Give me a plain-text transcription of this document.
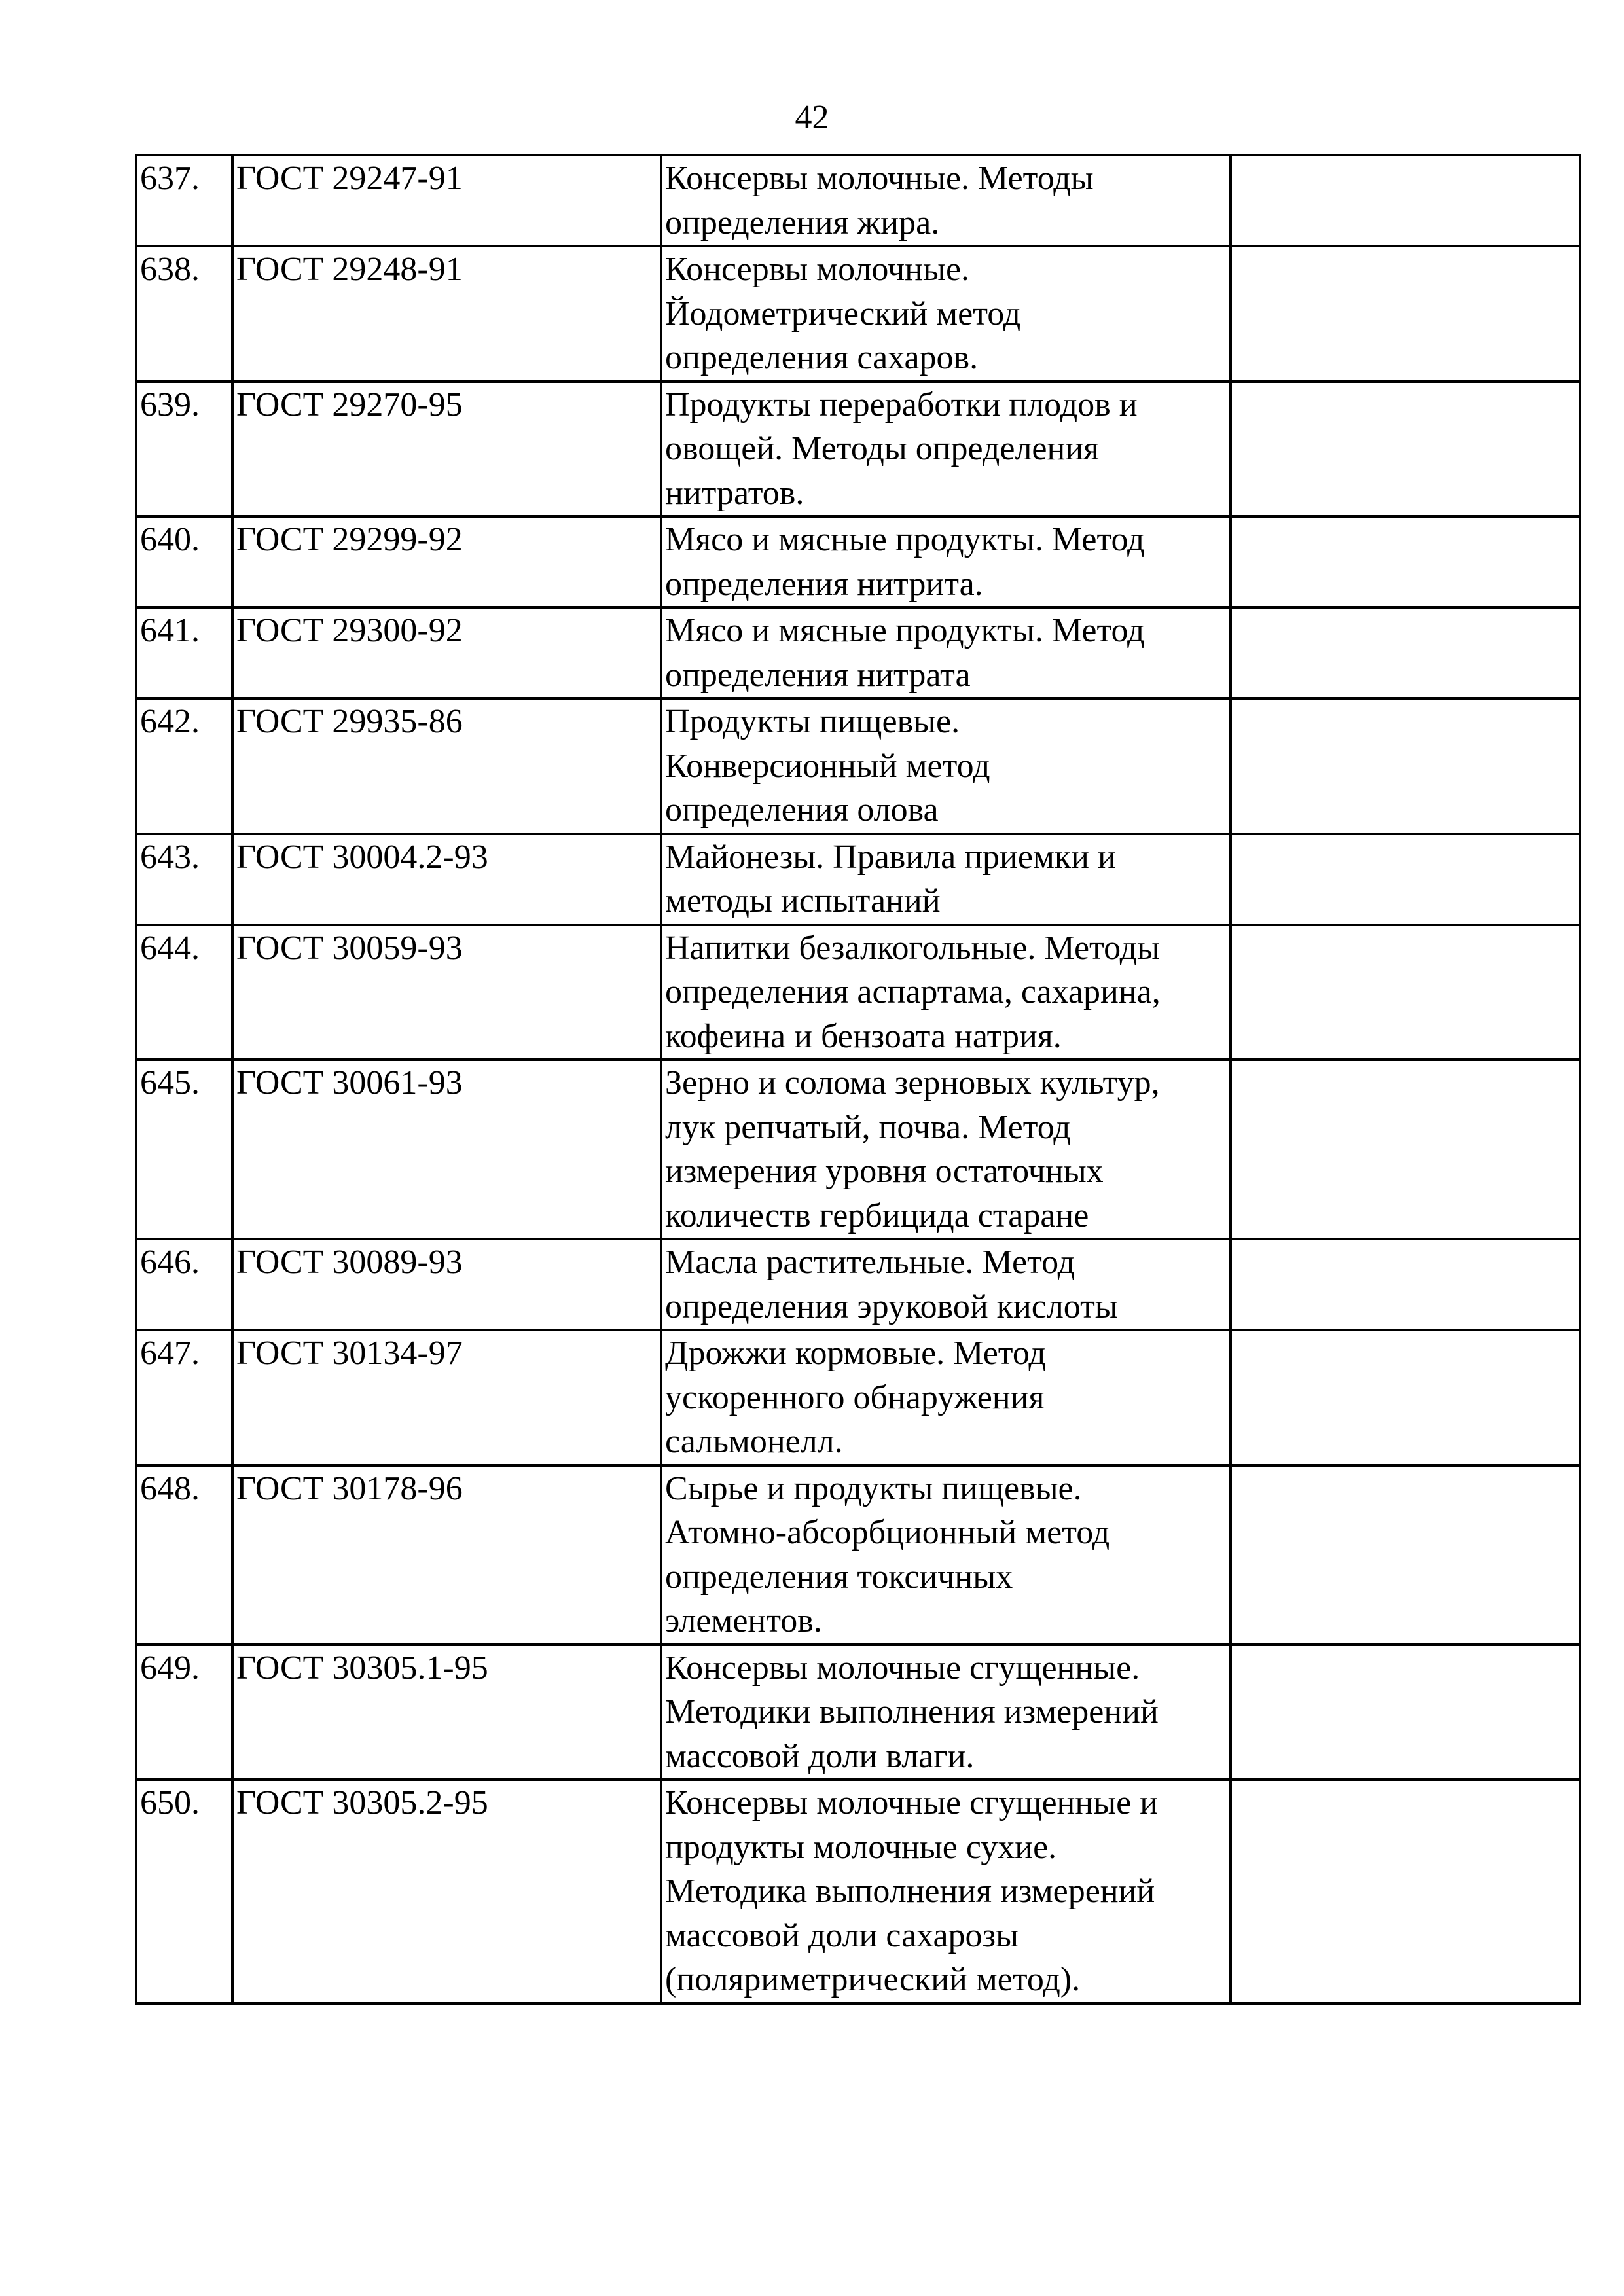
42
637.	ГОСТ 29247-91	Консервы молочные. Методы
определения жира.	

638.	ГОСТ 29248-91	Консервы молочные.
Йодометрический метод
определения сахаров.	

639.	ГОСТ 29270-95	Продукты переработки плодов и
овощей. Методы определения
нитратов.	

640.	ГОСТ 29299-92	Мясо и мясные продукты. Метод
определения нитрита.	

641.	ГОСТ 29300-92	Мясо и мясные продукты. Метод
определения нитрата	

642.	ГОСТ 29935-86	Продукты пищевые.
Конверсионный метод
определения олова	

643.	ГОСТ 30004.2-93	Майонезы. Правила приемки и
методы испытаний	

644.	ГОСТ 30059-93	Напитки безалкогольные. Методы
определения аспартама, сахарина,
кофеина и бензоата натрия.	

645.	ГОСТ 30061-93	Зерно и солома зерновых культур,
лук репчатый, почва. Метод
измерения уровня остаточных
количеств гербицида старане	

646.	ГОСТ 30089-93	Масла растительные. Метод
определения эруковой кислоты	

647.	ГОСТ 30134-97	Дрожжи кормовые. Метод
ускоренного обнаружения
сальмонелл.	

648.	ГОСТ 30178-96	Сырье и продукты пищевые.
Атомно-абсорбционный метод
определения токсичных
элементов.	

649.	ГОСТ 30305.1-95	Консервы молочные сгущенные.
Методики выполнения измерений
массовой доли влаги.	

650.	ГОСТ 30305.2-95	Консервы молочные сгущенные и
продукты молочные сухие.
Методика выполнения измерений
массовой доли сахарозы
(поляриметрический метод).	
